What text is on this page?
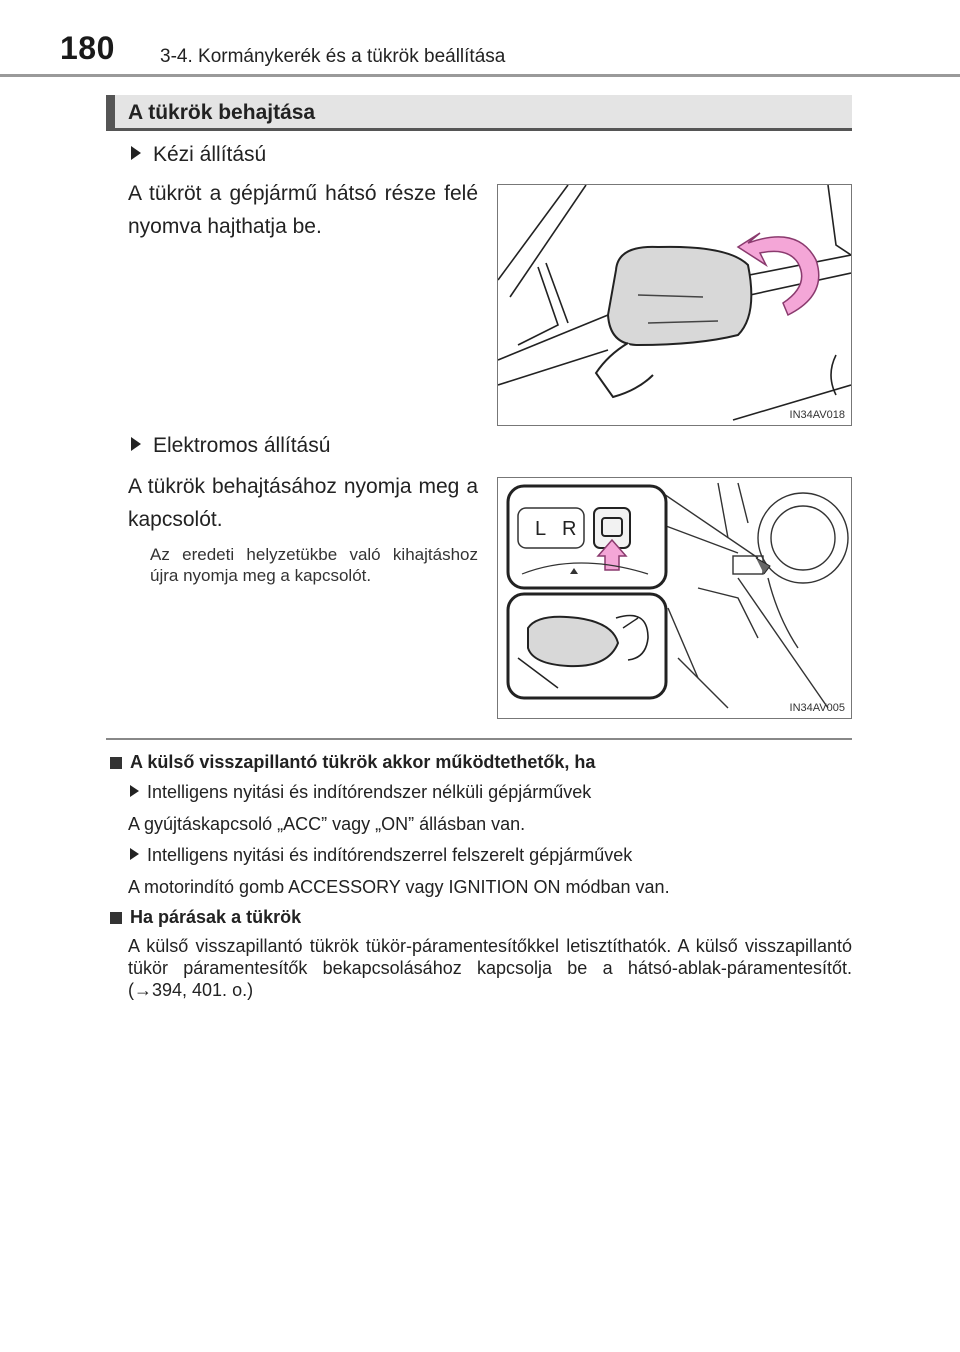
180 3-4. Kormánykerék és a tükrök beállítása
A tükrök behajtása
Kézi állítású
A tükröt a gépjármű hátsó része felé nyomva hajthatja be.
IN34AV018
Elektromos állítású
A tükrök behajtásához nyomja meg a kapcsolót.
Az eredeti helyzetükbe való kihajtáshoz újra nyomja meg a kapcsolót.
L R
IN34AV005
A külső visszapillantó tükrök akkor működtethetők, ha
Intelligens nyitási és indítórendszer nélküli gépjárművek
A gyújtáskapcsoló „ACC” vagy „ON” állásban van.
Intelligens nyitási és indítórendszerrel felszerelt gépjárművek
A motorindító gomb ACCESSORY vagy IGNITION ON módban van.
Ha párásak a tükrök
A külső visszapillantó tükrök tükör-páramentesítőkkel letisztíthatók. A külső visszapillantó tükör páramentesítők bekapcsolásához kapcsolja be a hátsó-ablak-páramentesítőt. (→394, 401. o.)
